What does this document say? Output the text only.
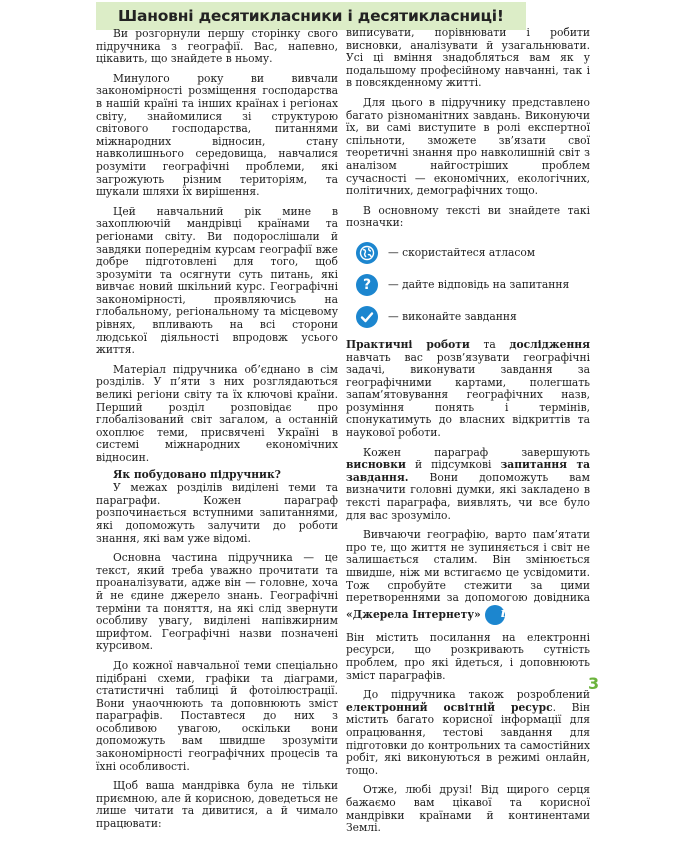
Шановні десятикласники і десятикласниці!

Ви розгорнули першу сторінку свого підручника з географії. Вас, напевно, цікавить, що знайдете в ньому.

Минулого року ви вивчали закономірності розміщення господарства в нашій країні та інших країнах і регіонах світу, знайомилися зі структурою світового господарства, питаннями міжнародних відносин, стану навколишнього середовища, навчалися розуміти географічні проблеми, які загрожують різним територіям, та шукали шляхи їх вирішення.

Цей навчальний рік мине в захоплюючій мандрівці країнами та регіонами світу. Ви подорослішали й завдяки попереднім курсам географії вже добре підготовлені для того, щоб зрозуміти та осягнути суть питань, які вивчає новий шкільний курс. Географічні закономірності, проявляючись на глобальному, регіональному та місцевому рівнях, впливають на всі сторони людської діяльності впродовж усього життя.

Матеріал підручника об’єднано в сім розділів. У п’яти з них розглядаються великі регіони світу та їх ключові країни. Перший розділ розповідає про глобалізований світ загалом, а останній охоплює теми, присвячені Україні в системі міжнародних економічних відносин.

Як побудовано підручник?

У межах розділів виділені теми та параграфи. Кожен параграф розпочинається вступними запитаннями, які допоможуть залучити до роботи знання, які вам уже відомі.

Основна частина підручника — це текст, який треба уважно прочитати та проаналізувати, адже він — головне, хоча й не єдине джерело знань. Географічні терміни та поняття, на які слід звернути особливу увагу, виділені напівжирним шрифтом. Географічні назви позначені курсивом.

До кожної навчальної теми спеціально підібрані схеми, графіки та діаграми, статистичні таблиці й фотоілюстрації. Вони унаочнюють та доповнюють зміст параграфів. Поставтеся до них з особливою увагою, оскільки вони допоможуть вам швидше зрозуміти закономірності географічних процесів та їхні особливості.

Щоб ваша мандрівка була не тільки приємною, але й корисною, доведеться не лише читати та дивитися, а й чимало працювати:

виписувати, порівнювати і робити висновки, аналізувати й узагальнювати. Усі ці вміння знадобляться вам як у подальшому професійному навчанні, так і в повсякденному житті.

Для цього в підручнику представлено багато різноманітних завдань. Виконуючи їх, ви самі виступите в ролі експертної спільноти, зможете зв’язати свої теоретичні знання про навколишній світ з аналізом найгостріших проблем сучасності — економічних, екологічних, політичних, демографічних тощо.

В основному тексті ви знайдете такі позначки:

— скористайтеся атласом
?	— дайте відповідь на запитання
— виконайте завдання

Практичні роботи та дослідження навчать вас розв’язувати географічні задачі, виконувати завдання за географічними картами, полегшать запам’ятовування географічних назв, розуміння понять і термінів, спонукатимуть до власних відкриттів та наукової роботи.

Кожен параграф завершують висновки й підсумкові запитання та завдання. Вони допоможуть вам визначити головні думки, які закладено в тексті параграфа, виявлять, чи все було для вас зрозуміло.

Вивчаючи географію, варто пам’ятати про те, що життя не зупиняється і світ не залишається сталим. Він змінюється швидше, ніж ми встигаємо це усвідомити. Тож спробуйте стежити за цими перетвореннями за допомогою довідника «Джерела Інтернету» i

Він містить посилання на електронні ресурси, що розкривають сутність проблем, про які йдеться, і доповнюють зміст параграфів.

До підручника також розроблений електронний освітній ресурс. Він містить багато корисної інформації для опрацювання, тестові завдання для підготовки до контрольних та самостійних робіт, які виконуються в режимі онлайн, тощо.

Отже, любі друзі! Від щирого серця бажаємо вам цікавої та корисної мандрівки країнами й континентами Землі.

3
